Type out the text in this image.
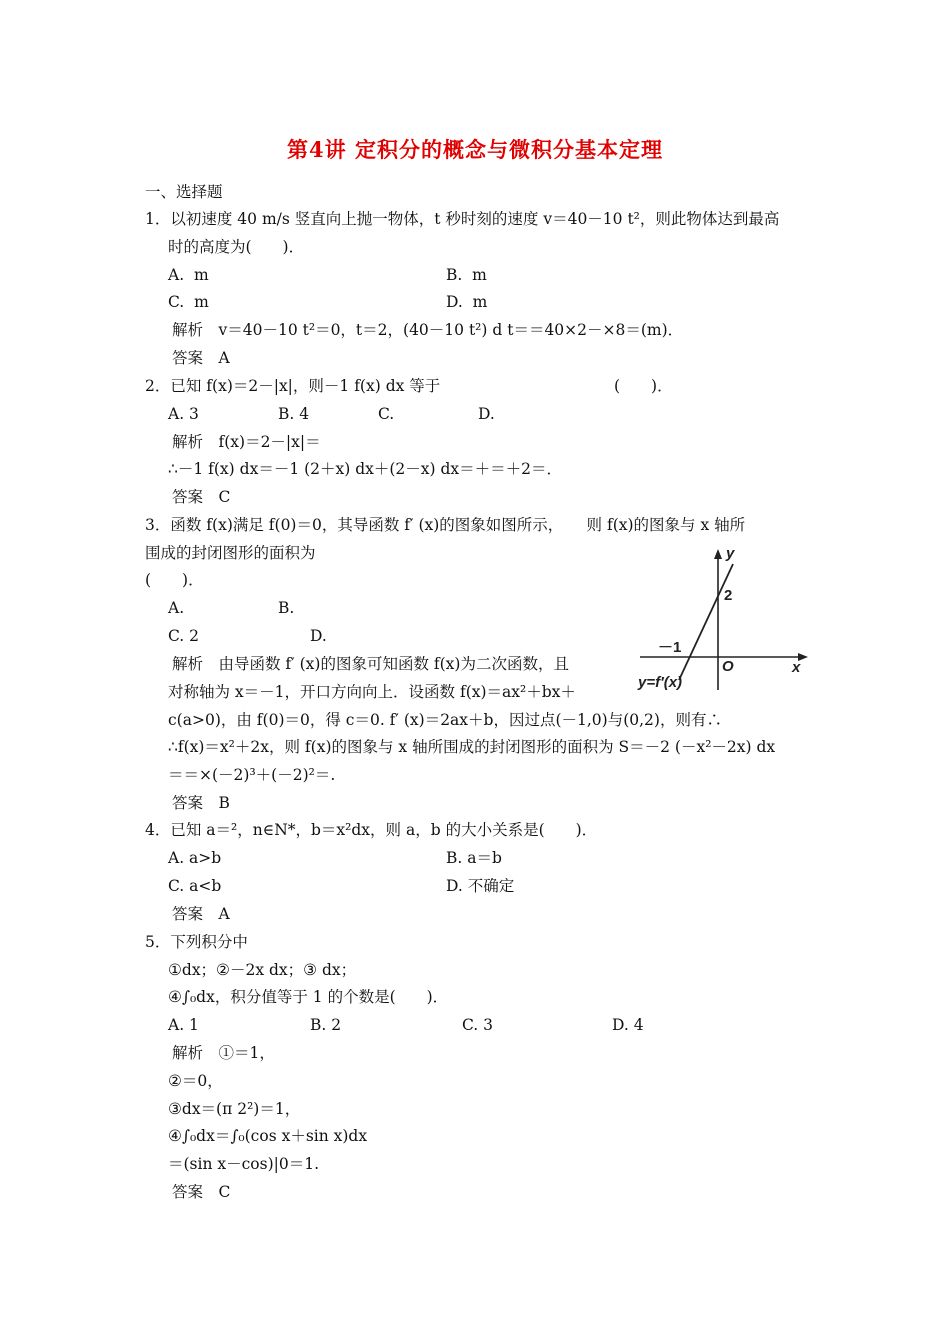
第4讲 定积分的概念与微积分基本定理
一、选择题
1．以初速度 40 m/s 竖直向上抛一物体，t 秒时刻的速度 v＝40－10 t²，则此物体达到最高
时的高度为(　　)．
A.  m	B.  m
C.  m	D.  m
解析　v＝40－10 t²＝0，t＝2，(40－10 t²) d t＝＝40×2－×8＝(m)．
答案　A
2．已知 f(x)＝2－|x|，则－1 f(x) dx 等于	(　　)．
A. 3	B. 4	C.	D.
解析　f(x)＝2－|x|＝
∴－1 f(x) dx＝－1 (2＋x) dx＋(2－x) dx＝＋＝＋2＝．
答案　C
3．函数 f(x)满足 f(0)＝0，其导函数 f′ (x)的图象如图所示，　　则 f(x)的图象与 x 轴所
围成的封闭图形的面积为
(　　)．
A.	B.
C. 2	D.
解析　由导函数 f′ (x)的图象可知函数 f(x)为二次函数，且
对称轴为 x＝－1，开口方向向上．设函数 f(x)＝ax²＋bx＋
c(a>0)，由 f(0)＝0，得 c＝0. f′ (x)＝2ax＋b，因过点(－1,0)与(0,2)，则有∴
∴f(x)＝x²＋2x，则 f(x)的图象与 x 轴所围成的封闭图形的面积为 S＝－2 (－x²－2x) dx
＝＝×(－2)³＋(－2)²＝.
答案　B
y
x
O
2
－1
y=f′(x)
4．已知 a＝²，n∈N*，b＝x²dx，则 a，b 的大小关系是(　　)．
A. a>b	B. a＝b
C. a<b	D. 不确定
答案　A
5．下列积分中
①dx；②－2x dx；③ dx；
④∫₀dx，积分值等于 1 的个数是(　　)．
A. 1	B. 2	C. 3	D. 4
解析　①＝1，
②＝0，
③dx＝(π 2²)＝1，
④∫₀dx＝∫₀(cos x＋sin x)dx
＝(sin x－cos)|0＝1.
答案　C
